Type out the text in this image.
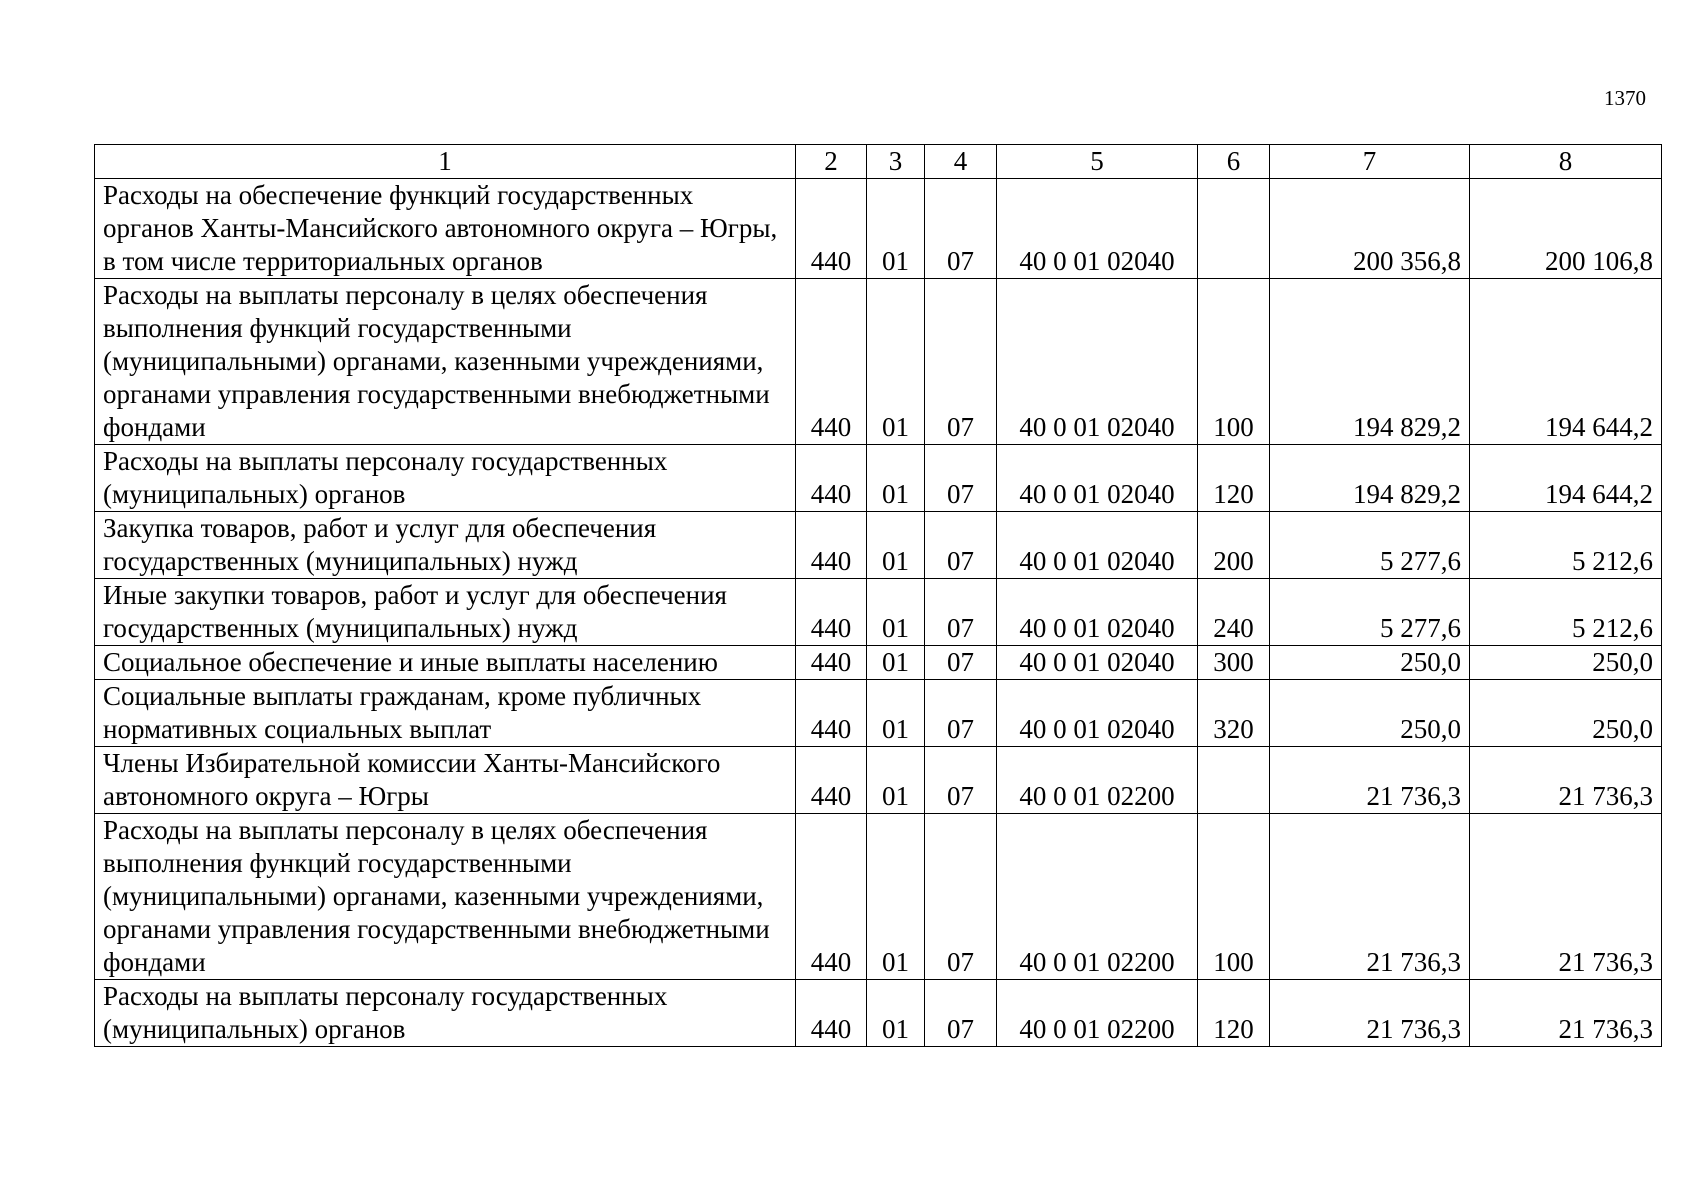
1370
1	2	3	4	5	6	7	8
Расходы на обеспечение функций государственных органов Ханты-Мансийского автономного округа – Югры, в том числе территориальных органов	440	01	07	40 0 01 02040		200 356,8	200 106,8
Расходы на выплаты персоналу в целях обеспечения выполнения функций государственными (муниципальными) органами, казенными учреждениями, органами управления государственными внебюджетными фондами	440	01	07	40 0 01 02040	100	194 829,2	194 644,2
Расходы на выплаты персоналу государственных (муниципальных) органов	440	01	07	40 0 01 02040	120	194 829,2	194 644,2
Закупка товаров, работ и услуг для обеспечения государственных (муниципальных) нужд	440	01	07	40 0 01 02040	200	5 277,6	5 212,6
Иные закупки товаров, работ и услуг для обеспечения государственных (муниципальных) нужд	440	01	07	40 0 01 02040	240	5 277,6	5 212,6
Социальное обеспечение и иные выплаты населению	440	01	07	40 0 01 02040	300	250,0	250,0
Социальные выплаты гражданам, кроме публичных нормативных социальных выплат	440	01	07	40 0 01 02040	320	250,0	250,0
Члены Избирательной комиссии Ханты-Мансийского автономного округа – Югры	440	01	07	40 0 01 02200		21 736,3	21 736,3
Расходы на выплаты персоналу в целях обеспечения выполнения функций государственными (муниципальными) органами, казенными учреждениями, органами управления государственными внебюджетными фондами	440	01	07	40 0 01 02200	100	21 736,3	21 736,3
Расходы на выплаты персоналу государственных (муниципальных) органов	440	01	07	40 0 01 02200	120	21 736,3	21 736,3
